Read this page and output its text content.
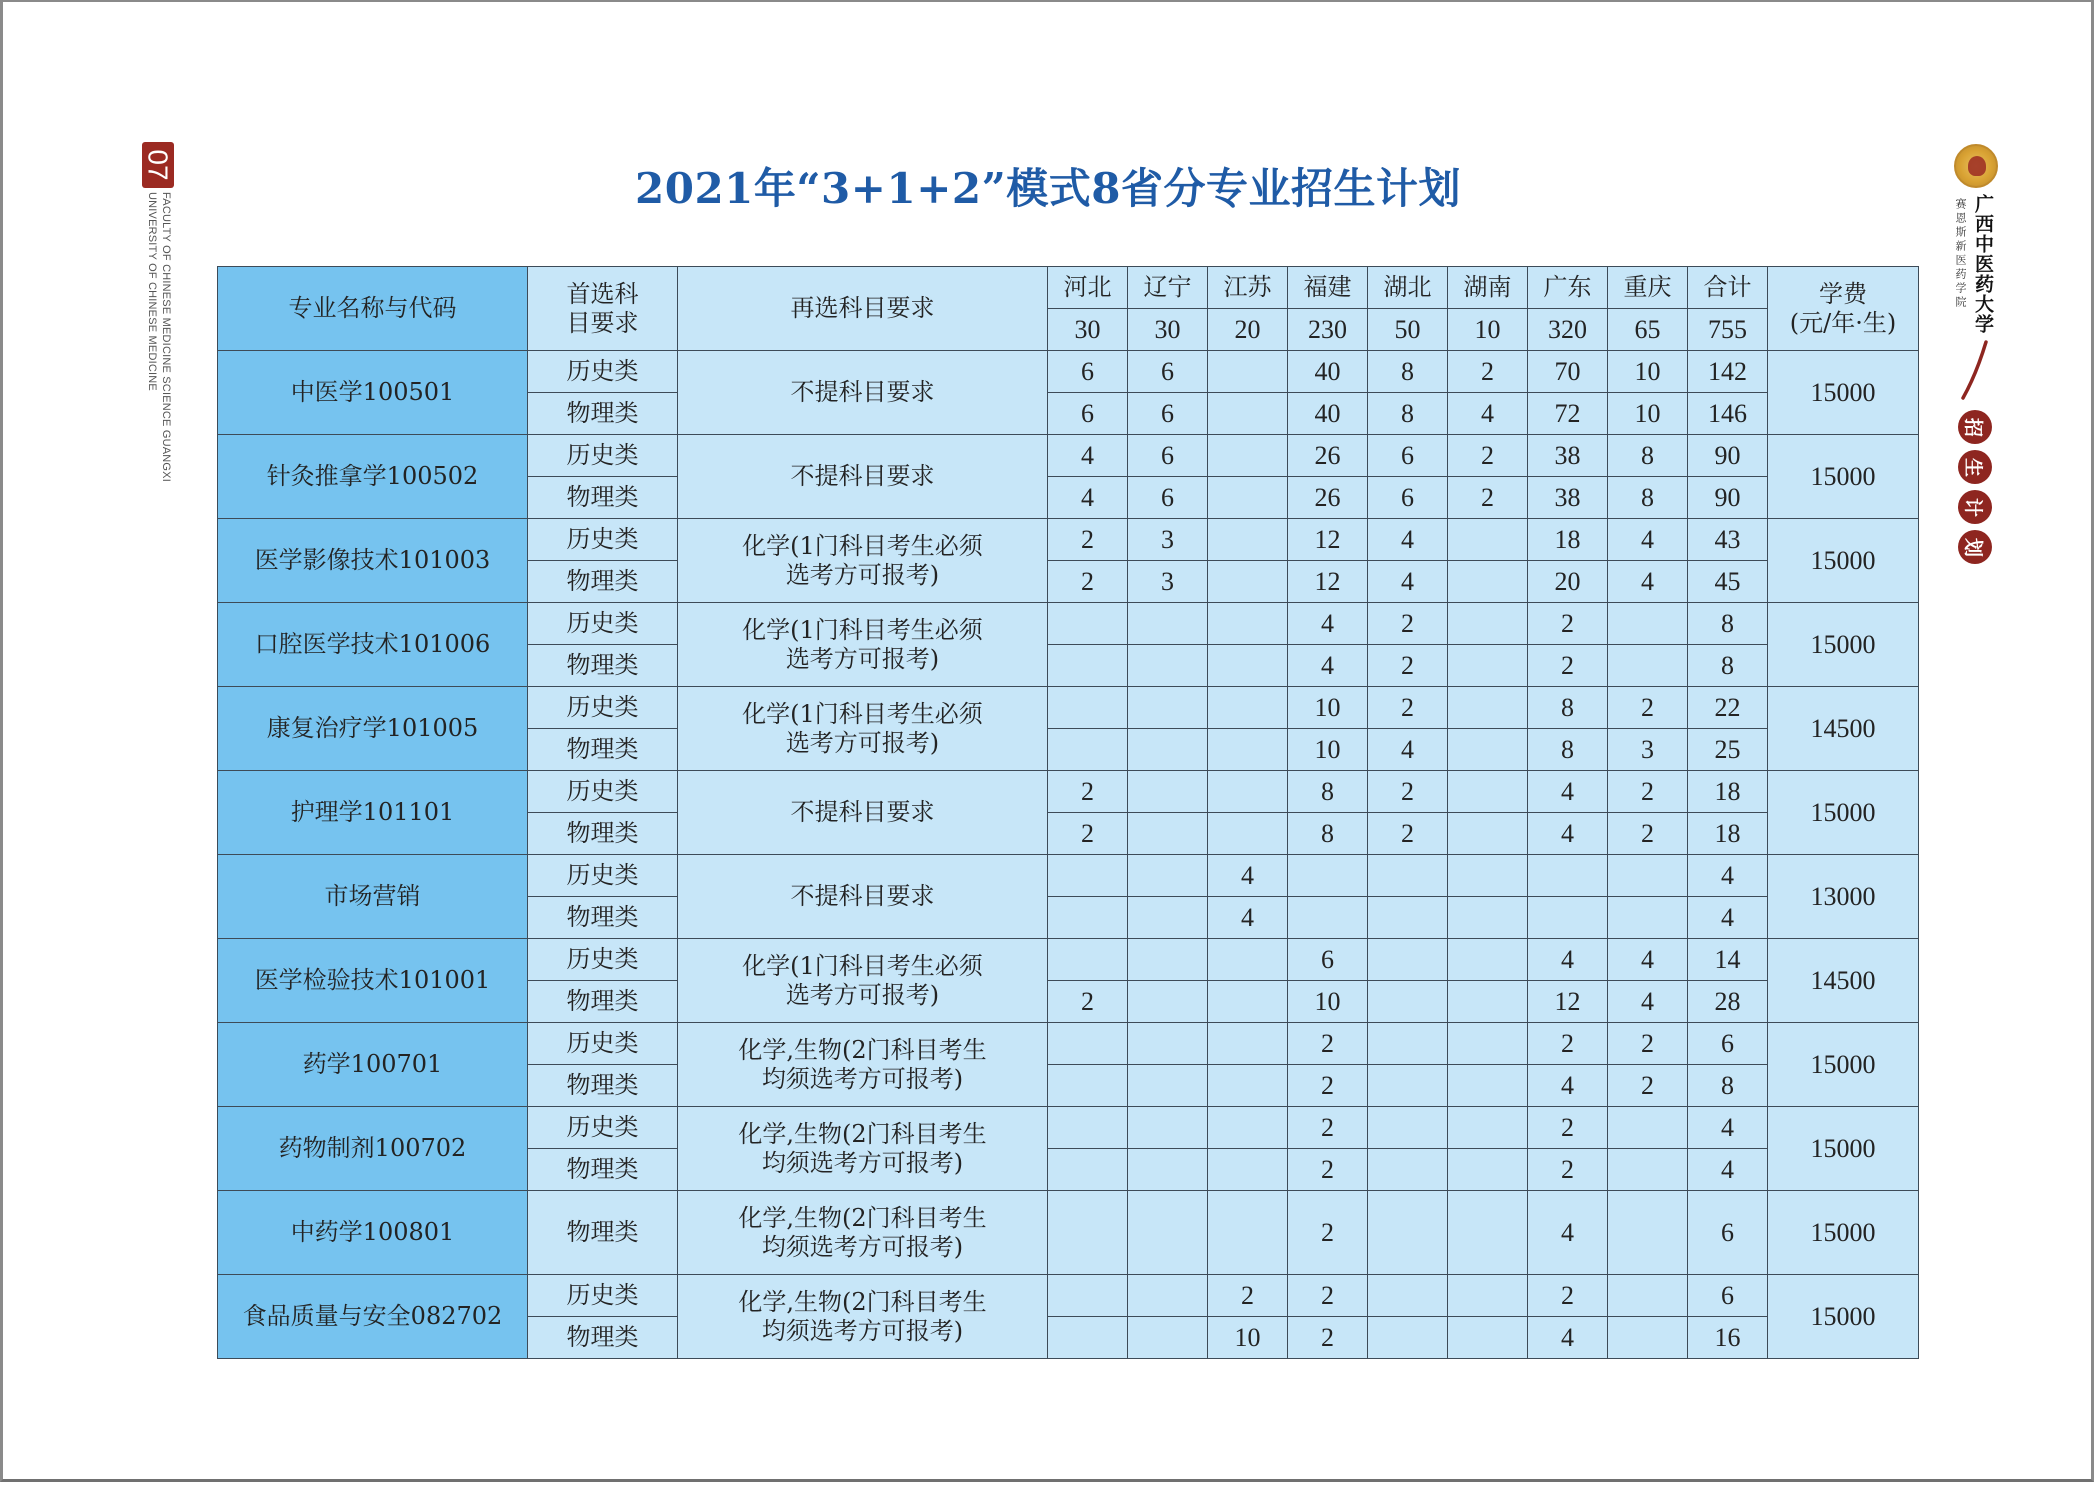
07
FACULTY OF CHINESE MEDICINE SCIENCE GUANGXI
UNIVERSITY OF CHINESE MEDICINE	广西中医药大学
赛恩斯新医药学院
招
生
计
划
2021年“3+1+2”模式8省分专业招生计划
专业名称与代码	首选科
目要求	再选科目要求	河北	辽宁	江苏	福建	湖北	湖南	广东	重庆	合计	学费
(元/年·生)
			30	30	20	230	50	10	320	65	755	
中医学100501	历史类	不提科目要求	6	6		40	8	2	70	10	142	15000
	物理类		6	6		40	8	4	72	10	146	
针灸推拿学100502	历史类	不提科目要求	4	6		26	6	2	38	8	90	15000
	物理类		4	6		26	6	2	38	8	90	
医学影像技术101003	历史类	化学(1门科目考生必须
选考方可报考)	2	3		12	4		18	4	43	15000
	物理类		2	3		12	4		20	4	45	
口腔医学技术101006	历史类	化学(1门科目考生必须
选考方可报考)				4	2		2		8	15000
	物理类					4	2		2		8	
康复治疗学101005	历史类	化学(1门科目考生必须
选考方可报考)				10	2		8	2	22	14500
	物理类					10	4		8	3	25	
护理学101101	历史类	不提科目要求	2			8	2		4	2	18	15000
	物理类		2			8	2		4	2	18	
市场营销	历史类	不提科目要求			4						4	13000
	物理类				4						4	
医学检验技术101001	历史类	化学(1门科目考生必须
选考方可报考)				6			4	4	14	14500
	物理类		2			10			12	4	28	
药学100701	历史类	化学,生物(2门科目考生
均须选考方可报考)				2			2	2	6	15000
	物理类					2			4	2	8	
药物制剂100702	历史类	化学,生物(2门科目考生
均须选考方可报考)				2			2		4	15000
	物理类					2			2		4	
中药学100801	物理类	化学,生物(2门科目考生
均须选考方可报考)				2			4		6	15000
食品质量与安全082702	历史类	化学,生物(2门科目考生
均须选考方可报考)			2	2			2		6	15000
	物理类				10	2			4		16	
